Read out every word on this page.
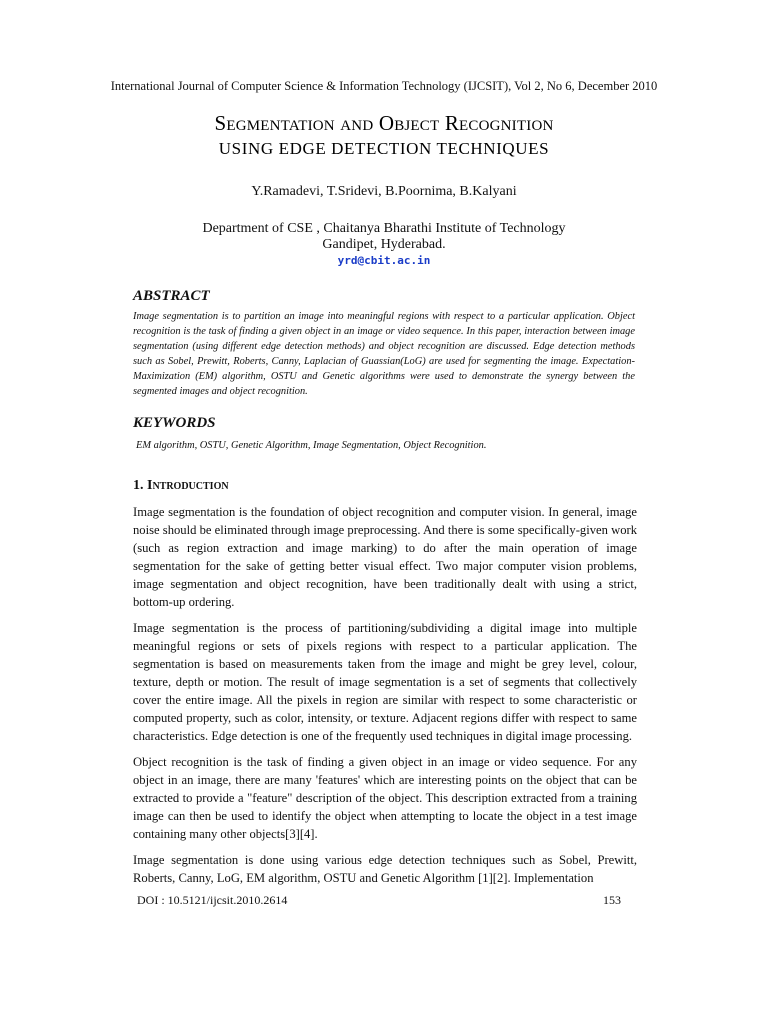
International Journal of Computer Science & Information Technology (IJCSIT), Vol 2, No 6, December 2010
Segmentation and Object Recognition
USING EDGE DETECTION TECHNIQUES
Y.Ramadevi, T.Sridevi, B.Poornima, B.Kalyani
Department of CSE , Chaitanya Bharathi Institute of Technology
Gandipet, Hyderabad.
yrd@cbit.ac.in
ABSTRACT
Image segmentation is to partition an image into meaningful regions with respect to a particular application. Object recognition is the task of finding a given object in an image or video sequence. In this paper, interaction between image segmentation (using different edge detection methods) and object recognition are discussed. Edge detection methods such as Sobel, Prewitt, Roberts, Canny, Laplacian of Guassian(LoG) are used for segmenting the image. Expectation-Maximization (EM) algorithm, OSTU and Genetic algorithms were used to demonstrate the synergy between the segmented images and object recognition.
KEYWORDS
EM algorithm, OSTU, Genetic Algorithm, Image Segmentation, Object Recognition.
1. Introduction

Image segmentation is the foundation of object recognition and computer vision. In general, image noise should be eliminated through image preprocessing. And there is some specifically-given work (such as region extraction and image marking) to do after the main operation of image segmentation for the sake of getting better visual effect. Two major computer vision problems, image segmentation and object recognition, have been traditionally dealt with using a strict, bottom-up ordering.

Image segmentation is the process of partitioning/subdividing a digital image into multiple meaningful regions or sets of pixels regions with respect to a particular application. The segmentation is based on measurements taken from the image and might be grey level, colour, texture, depth or motion. The result of image segmentation is a set of segments that collectively cover the entire image. All the pixels in region are similar with respect to some characteristic or computed property, such as color, intensity, or texture. Adjacent regions differ with respect to same characteristics. Edge detection is one of the frequently used techniques in digital image processing.

Object recognition is the task of finding a given object in an image or video sequence. For any object in an image, there are many 'features' which are interesting points on the object that can be extracted to provide a "feature" description of the object. This description extracted from a training image can then be used to identify the object when attempting to locate the object in a test image containing many other objects[3][4].

Image segmentation is done using various edge detection techniques such as Sobel, Prewitt, Roberts, Canny, LoG, EM algorithm, OSTU and Genetic Algorithm [1][2]. Implementation

DOI : 10.5121/ijcsit.2010.2614	153
